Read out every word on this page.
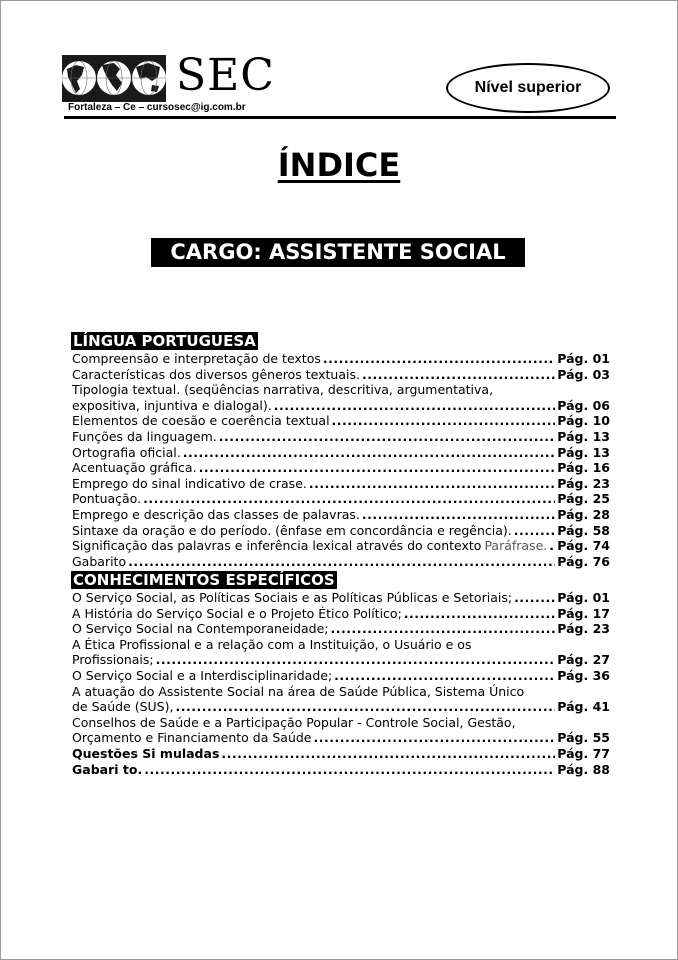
SEC
Fortaleza – Ce – cursosec@ig.com.br
Nível superior
ÍNDICE
CARGO: ASSISTENTE SOCIAL
LÍNGUA PORTUGUESA
Compreensão e interpretação de textos .....	Pág. 01
Características dos diversos gêneros textuais. .....	Pág. 03
Tipologia textual. (seqüências narrativa, descritiva, argumentativa,
expositiva, injuntiva e dialogal). .....	Pág. 06
Elementos de coesão e coerência textual .....	Pág. 10
Funções da linguagem. .....	Pág. 13
Ortografia oficial. .....	Pág. 13
Acentuação gráfica. .....	Pág. 16
Emprego do sinal indicativo de crase. .....	Pág. 23
Pontuação. .....	Pág. 25
Emprego e descrição das classes de palavras. .....	Pág. 28
Sintaxe da oração e do período. (ênfase em concordância e regência). .....	Pág. 58
Significação das palavras e inferência lexical através do contexto Paráfrase. ..... Pág. 74
Gabarito .....	Pág. 76
CONHECIMENTOS ESPECÍFICOS
O Serviço Social, as Políticas Sociais e as Políticas Públicas e Setoriais; .....	Pág. 01
A História do Serviço Social e o Projeto Ético Político; .....	Pág. 17
O Serviço Social na Contemporaneidade; .....	Pág. 23
A Ética Profissional e a relação com a Instituição, o Usuário e os
Profissionais; .....	Pág. 27
O Serviço Social e a Interdisciplinaridade; .....	Pág. 36
A atuação do Assistente Social na área de Saúde Pública, Sistema Único
de Saúde (SUS), .....	Pág. 41
Conselhos de Saúde e a Participação Popular - Controle Social, Gestão,
Orçamento e Financiamento da Saúde .....	Pág. 55
Questões Si muladas .....	Pág. 77
Gabari to. .....	Pág. 88
